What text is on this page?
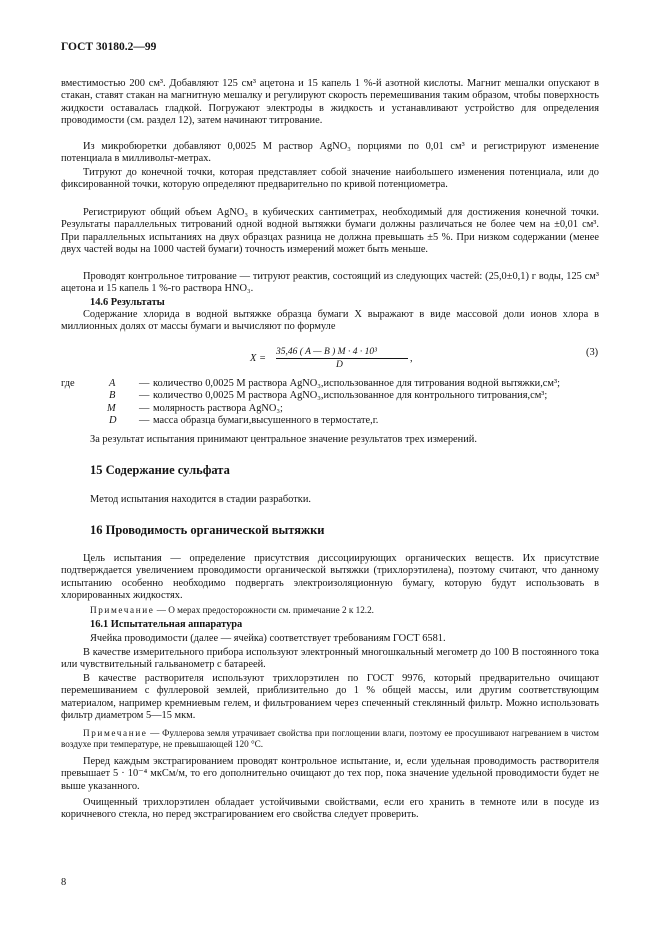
ГОСТ 30180.2—99

вместимостью 200 см³. Добавляют 125 см³ ацетона и 15 капель 1 %-й азотной кислоты. Магнит мешалки опускают в стакан, ставят стакан на магнитную мешалку и регулируют скорость перемешивания таким образом, чтобы поверхность жидкости оставалась гладкой. Погружают электроды в жидкость и устанавливают устройство для определения проводимости (см. раздел 12), затем начинают титрование.

Из микробюретки добавляют 0,0025 М раствор AgNO₃ порциями по 0,01 см³ и регистрируют изменение потенциала в милливольт-метрах.

Титруют до конечной точки, которая представляет собой значение наибольшего изменения потенциала, или до фиксированной точки, которую определяют предварительно по кривой потенциометра.

Регистрируют общий объем AgNO₃ в кубических сантиметрах, необходимый для достижения конечной точки. Результаты параллельных титрований одной водной вытяжки бумаги должны различаться не более чем на ±0,01 см³. При параллельных испытаниях на двух образцах разница не должна превышать ±5 %. При низком содержании (менее двух частей воды на 1000 частей бумаги) точность измерений может быть меньше.

Проводят контрольное титрование — титруют реактив, состоящий из следующих частей: (25,0±0,1) г воды, 125 см³ ацетона и 15 капель 1 %-го раствора HNO₃.

14.6 Результаты

Содержание хлорида в водной вытяжке образца бумаги X выражают в виде массовой доли ионов хлора в миллионных долях от массы бумаги и вычисляют по формуле

X =
35,46 ( A — B ) M · 4 · 10³
D
,
(3)
где	A — количество 0,0025 М раствора AgNO₃,использованное для титрования водной вытяжки,см³;
B — количество 0,0025 М раствора AgNO₃,использованное для контрольного титрования,см³;
M — молярность раствора AgNO₃;
D — масса образца бумаги,высушенного в термостате,г.

За результат испытания принимают центральное значение результатов трех измерений.

15 Содержание сульфата

Метод испытания находится в стадии разработки.

16 Проводимость органической вытяжки

Цель испытания — определение присутствия диссоциирующих органических веществ. Их присутствие подтверждается увеличением проводимости органической вытяжки (трихлорэтилена), поэтому считают, что данному испытанию особенно необходимо подвергать электроизоляционную бумагу, которую будут использовать в хлорированных жидкостях.

Примечание — О мерах предосторожности см. примечание 2 к 12.2.
16.1 Испытательная аппаратура

Ячейка проводимости (далее — ячейка) соответствует требованиям ГОСТ 6581.

В качестве измерительного прибора используют электронный многошкальный мегометр до 100 В постоянного тока или чувствительный гальванометр с батареей.

В качестве растворителя используют трихлорэтилен по ГОСТ 9976, который предварительно очищают перемешиванием с фуллеровой землей, приблизительно до 1 % общей массы, или другим соответствующим материалом, например кремниевым гелем, и фильтрованием через спеченный стеклянный фильтр. Можно использовать фильтр диаметром 5—15 мкм.

Примечание — Фуллерова земля утрачивает свойства при поглощении влаги, поэтому ее просушивают нагреванием в чистом воздухе при температуре, не превышающей 120 °С.

Перед каждым экстрагированием проводят контрольное испытание, и, если удельная проводимость растворителя превышает 5 · 10⁻⁴ мкСм/м, то его дополнительно очищают до тех пор, пока значение удельной проводимости будет не выше указанного.

Очищенный трихлорэтилен обладает устойчивыми свойствами, если его хранить в темноте или в посуде из коричневого стекла, но перед экстрагированием его свойства следует проверить.

8
